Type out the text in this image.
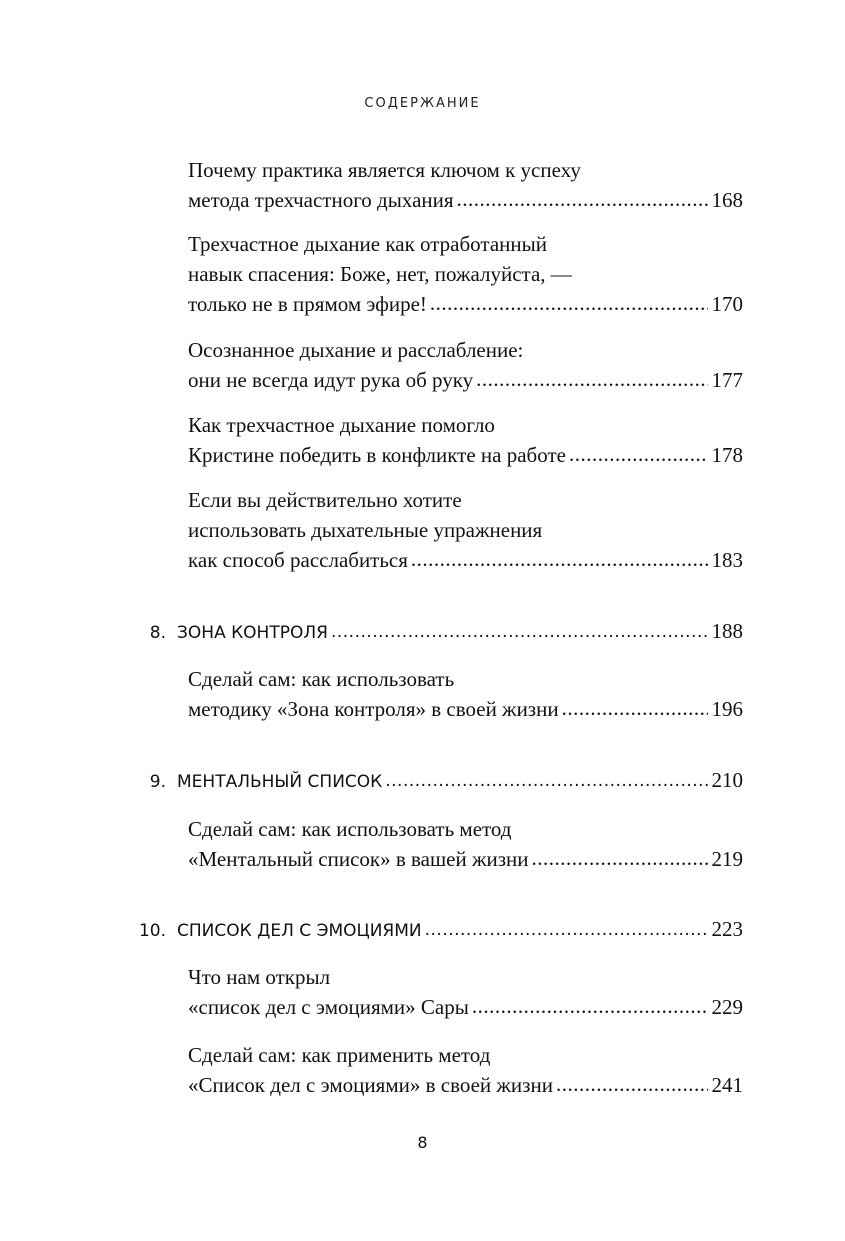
СОДЕРЖАНИЕ
Почему практика является ключом к успеху
метода трехчастного дыхания .....	168
Трехчастное дыхание как отработанный
навык спасения: Боже, нет, пожалуйста, —
только не в прямом эфире! .....	170
Осознанное дыхание и расслабление:
они не всегда идут рука об руку .....	177
Как трехчастное дыхание помогло
Кристине победить в конфликте на работе .....	178
Если вы действительно хотите
использовать дыхательные упражнения
как способ расслабиться .....	183
8. ЗОНА КОНТРОЛЯ .....	188
Сделай сам: как использовать
методику «Зона контроля» в своей жизни .....	196
9. МЕНТАЛЬНЫЙ СПИСОК .....	210
Сделай сам: как использовать метод
«Ментальный список» в вашей жизни .....	219
10. СПИСОК ДЕЛ С ЭМОЦИЯМИ .....	223
Что нам открыл
«список дел с эмоциями» Сары .....	229
Сделай сам: как применить метод
«Список дел с эмоциями» в своей жизни .....	241
8
